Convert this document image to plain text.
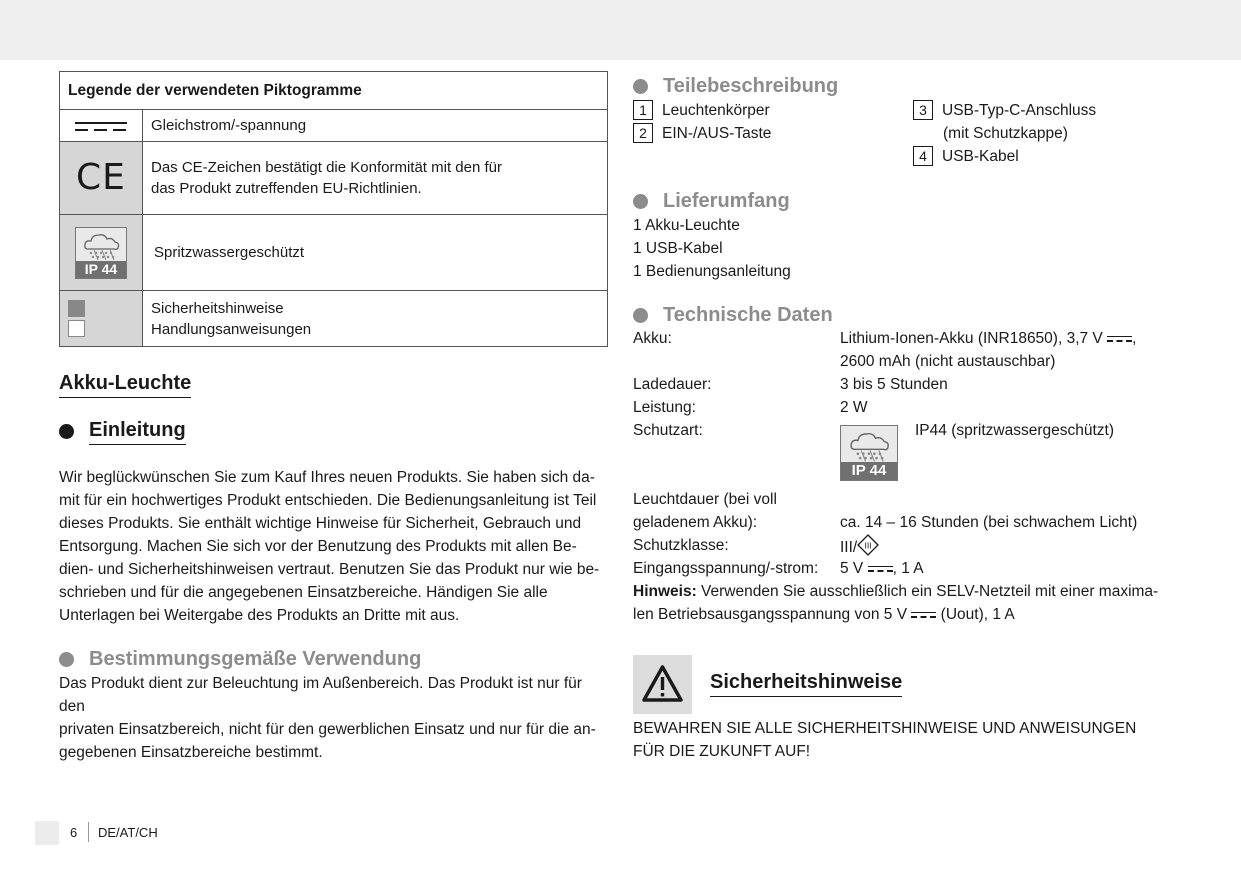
Legende der verwendeten Piktogramme	

	Gleichstrom/-spannung
CE	Das CE-Zeichen bestätigt die Konformität mit den für
das Produkt zutreffenden EU-Richtlinien.

IP 44	Spritzwassergeschützt

	Sicherheitshinweise
Handlungsanweisungen
Akku-Leuchte
Einleitung
Wir beglückwünschen Sie zum Kauf Ihres neuen Produkts. Sie haben sich da-
mit für ein hochwertiges Produkt entschieden. Die Bedienungsanleitung ist Teil
dieses Produkts. Sie enthält wichtige Hinweise für Sicherheit, Gebrauch und
Entsorgung. Machen Sie sich vor der Benutzung des Produkts mit allen Be-
dien- und Sicherheitshinweisen vertraut. Benutzen Sie das Produkt nur wie be-
schrieben und für die angegebenen Einsatzbereiche. Händigen Sie alle
Unterlagen bei Weitergabe des Produkts an Dritte mit aus.
Bestimmungsgemäße Verwendung
Das Produkt dient zur Beleuchtung im Außenbereich. Das Produkt ist nur für den
privaten Einsatzbereich, nicht für den gewerblichen Einsatz und nur für die an-
gegebenen Einsatzbereiche bestimmt.
Teilebeschreibung
1 Leuchtenkörper
2 EIN-/AUS-Taste
3 USB-Typ-C-Anschluss
(mit Schutzkappe)
4 USB-Kabel
Lieferumfang
1 Akku-Leuchte
1 USB-Kabel
1 Bedienungsanleitung
Technische Daten
Akku:	Lithium-Ionen-Akku (INR18650), 3,7 V ,
2600 mAh (nicht austauschbar)
Ladedauer:	3 bis 5 Stunden
Leistung:	2 W
Schutzart:	IP44 (spritzwassergeschützt)
IP 44
Leuchtdauer (bei voll
geladenem Akku):	ca. 14 – 16 Stunden (bei schwachem Licht)
Schutzklasse:	III/ III
Eingangsspannung/-strom: 5 V , 1 A
Hinweis: Verwenden Sie ausschließlich ein SELV-Netzteil mit einer maxima-
len Betriebsausgangsspannung von 5 V
(Uout), 1 A
Sicherheitshinweise
BEWAHREN SIE ALLE SICHERHEITSHINWEISE UND ANWEISUNGEN
FÜR DIE ZUKUNFT AUF!
6 DE/AT/CH
